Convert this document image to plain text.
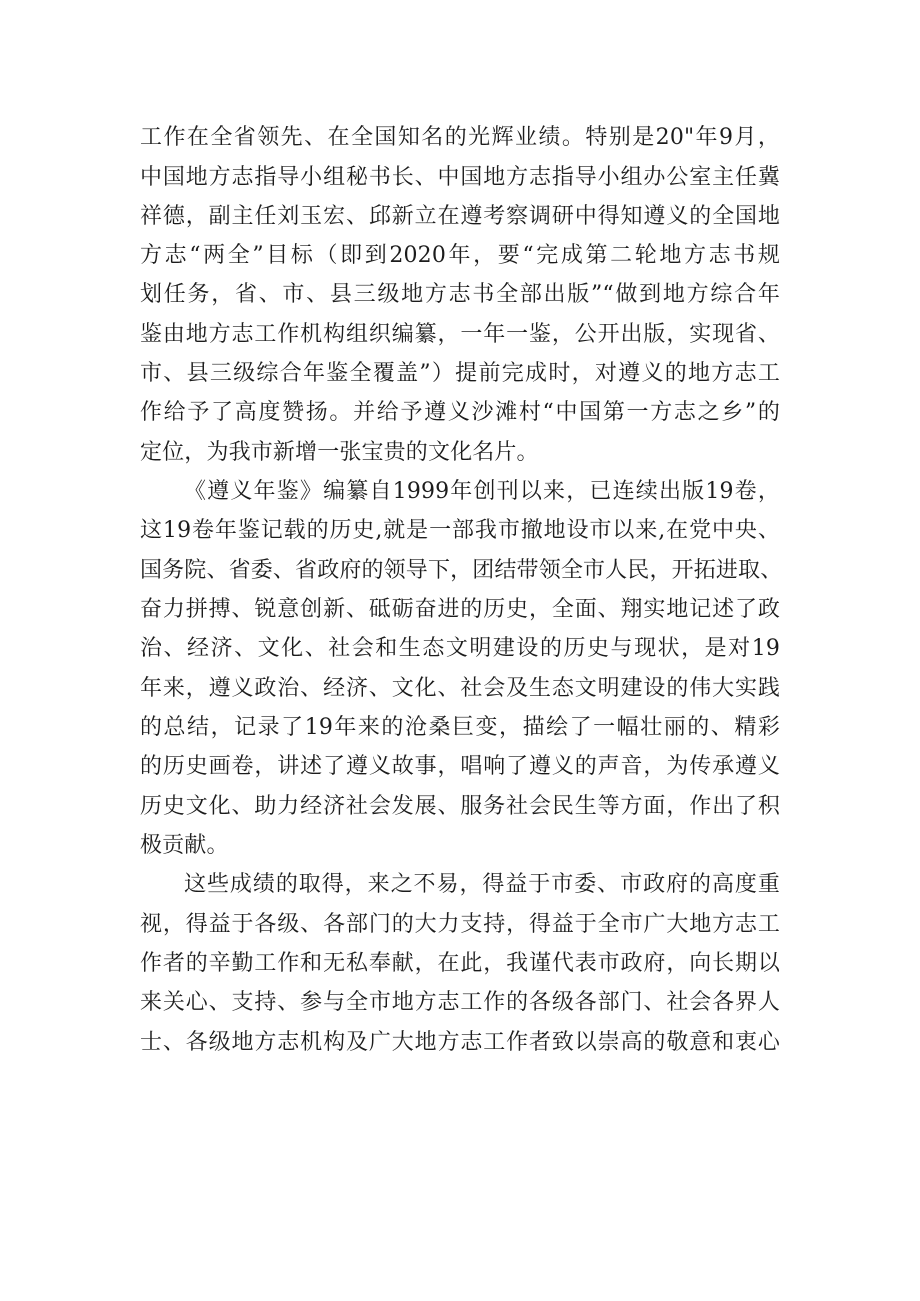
工作在全省领先、在全国知名的光辉业绩。特别是20"年9月，
中国地方志指导小组秘书长、中国地方志指导小组办公室主任冀
祥德，副主任刘玉宏、邱新立在遵考察调研中得知遵义的全国地
方志“两全”目标（即到2020年，要“完成第二轮地方志书规
划任务，省、市、县三级地方志书全部出版”“做到地方综合年
鉴由地方志工作机构组织编纂，一年一鉴，公开出版，实现省、
市、县三级综合年鉴全覆盖”）提前完成时，对遵义的地方志工
作给予了高度赞扬。并给予遵义沙滩村“中国第一方志之乡”的
定位，为我市新增一张宝贵的文化名片。
《遵义年鉴》编纂自1999年创刊以来，已连续出版19卷，
这19卷年鉴记载的历史,就是一部我市撤地设市以来,在党中央、
国务院、省委、省政府的领导下，团结带领全市人民，开拓进取、
奋力拼搏、锐意创新、砥砺奋进的历史，全面、翔实地记述了政
治、经济、文化、社会和生态文明建设的历史与现状，是对19
年来，遵义政治、经济、文化、社会及生态文明建设的伟大实践
的总结，记录了19年来的沧桑巨变，描绘了一幅壮丽的、精彩
的历史画卷，讲述了遵义故事，唱响了遵义的声音，为传承遵义
历史文化、助力经济社会发展、服务社会民生等方面，作出了积
极贡献。
这些成绩的取得，来之不易，得益于市委、市政府的高度重
视，得益于各级、各部门的大力支持，得益于全市广大地方志工
作者的辛勤工作和无私奉献，在此，我谨代表市政府，向长期以
来关心、支持、参与全市地方志工作的各级各部门、社会各界人
士、各级地方志机构及广大地方志工作者致以崇高的敬意和衷心
